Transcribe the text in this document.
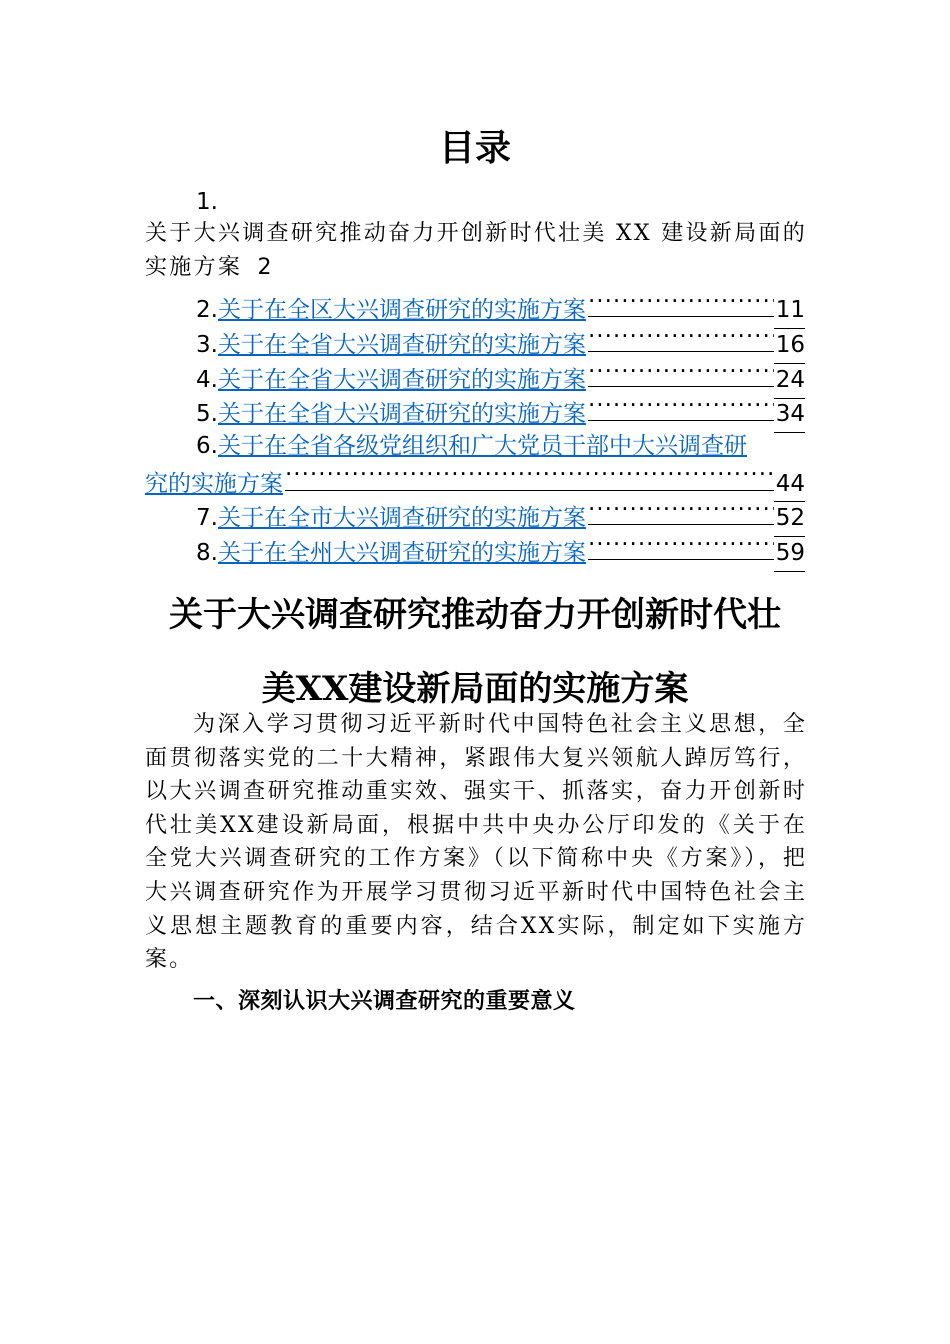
目录
1.
关于大兴调查研究推动奋力开创新时代壮美 XX 建设新局面的实施方案 2
2. 关于在全区大兴调查研究的实施方案 .....	11
3. 关于在全省大兴调查研究的实施方案 .....	16
4. 关于在全省大兴调查研究的实施方案 .....	24
5. 关于在全省大兴调查研究的实施方案 .....	34
6. 关于在全省各级党组织和广大党员干部中大兴调查研
究的实施方案 .....	44
7. 关于在全市大兴调查研究的实施方案 .....	52
8. 关于在全州大兴调查研究的实施方案 .....	59
关于大兴调查研究推动奋力开创新时代壮
美XX建设新局面的实施方案

为深入学习贯彻习近平新时代中国特色社会主义思想，全面贯彻落实党的二十大精神，紧跟伟大复兴领航人踔厉笃行，以大兴调查研究推动重实效、强实干、抓落实，奋力开创新时代壮美XX建设新局面，根据中共中央办公厅印发的《关于在全党大兴调查研究的工作方案》（以下简称中央《方案》），把大兴调查研究作为开展学习贯彻习近平新时代中国特色社会主义思想主题教育的重要内容，结合XX实际，制定如下实施方案。

一、深刻认识大兴调查研究的重要意义
